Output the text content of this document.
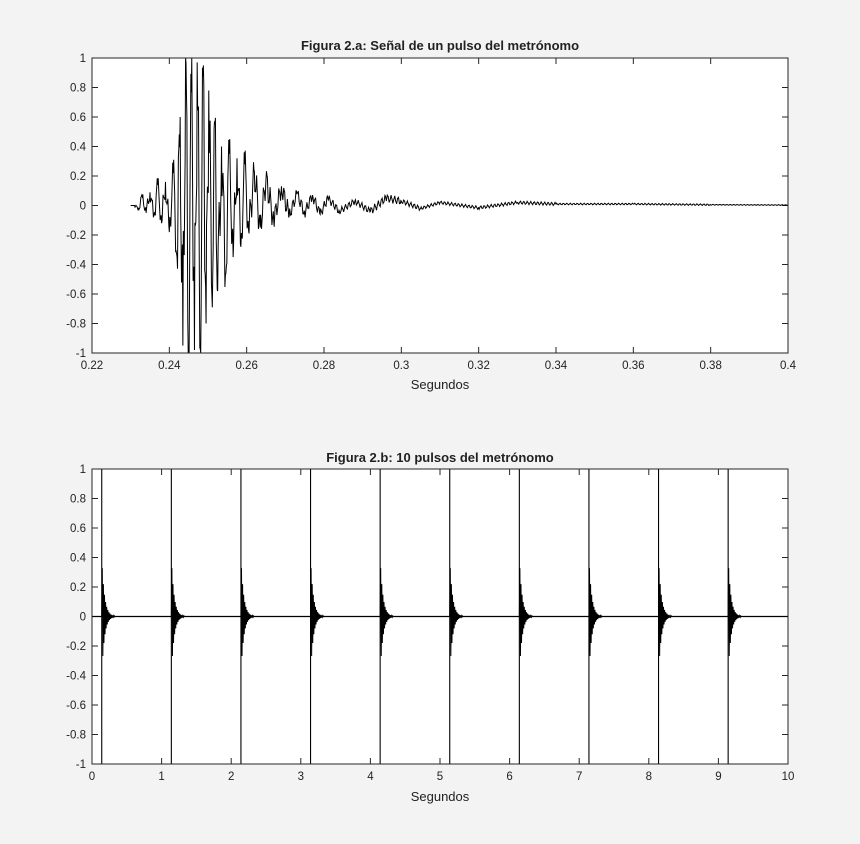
Figura 2.a: Señal de un pulso del metrónomo
Segundos
0.22	0.24	0.26	0.28	0.3	0.32	0.34	0.36	0.38	0.4
1
0.8
0.6
0.4
0.2
0
-0.2
-0.4
-0.6
-0.8
-1
Figura 2.b: 10 pulsos del metrónomo
Segundos
0	1	2	3	4	5	6	7	8	9	10
1
0.8
0.6
0.4
0.2
0
-0.2
-0.4
-0.6
-0.8
-1
